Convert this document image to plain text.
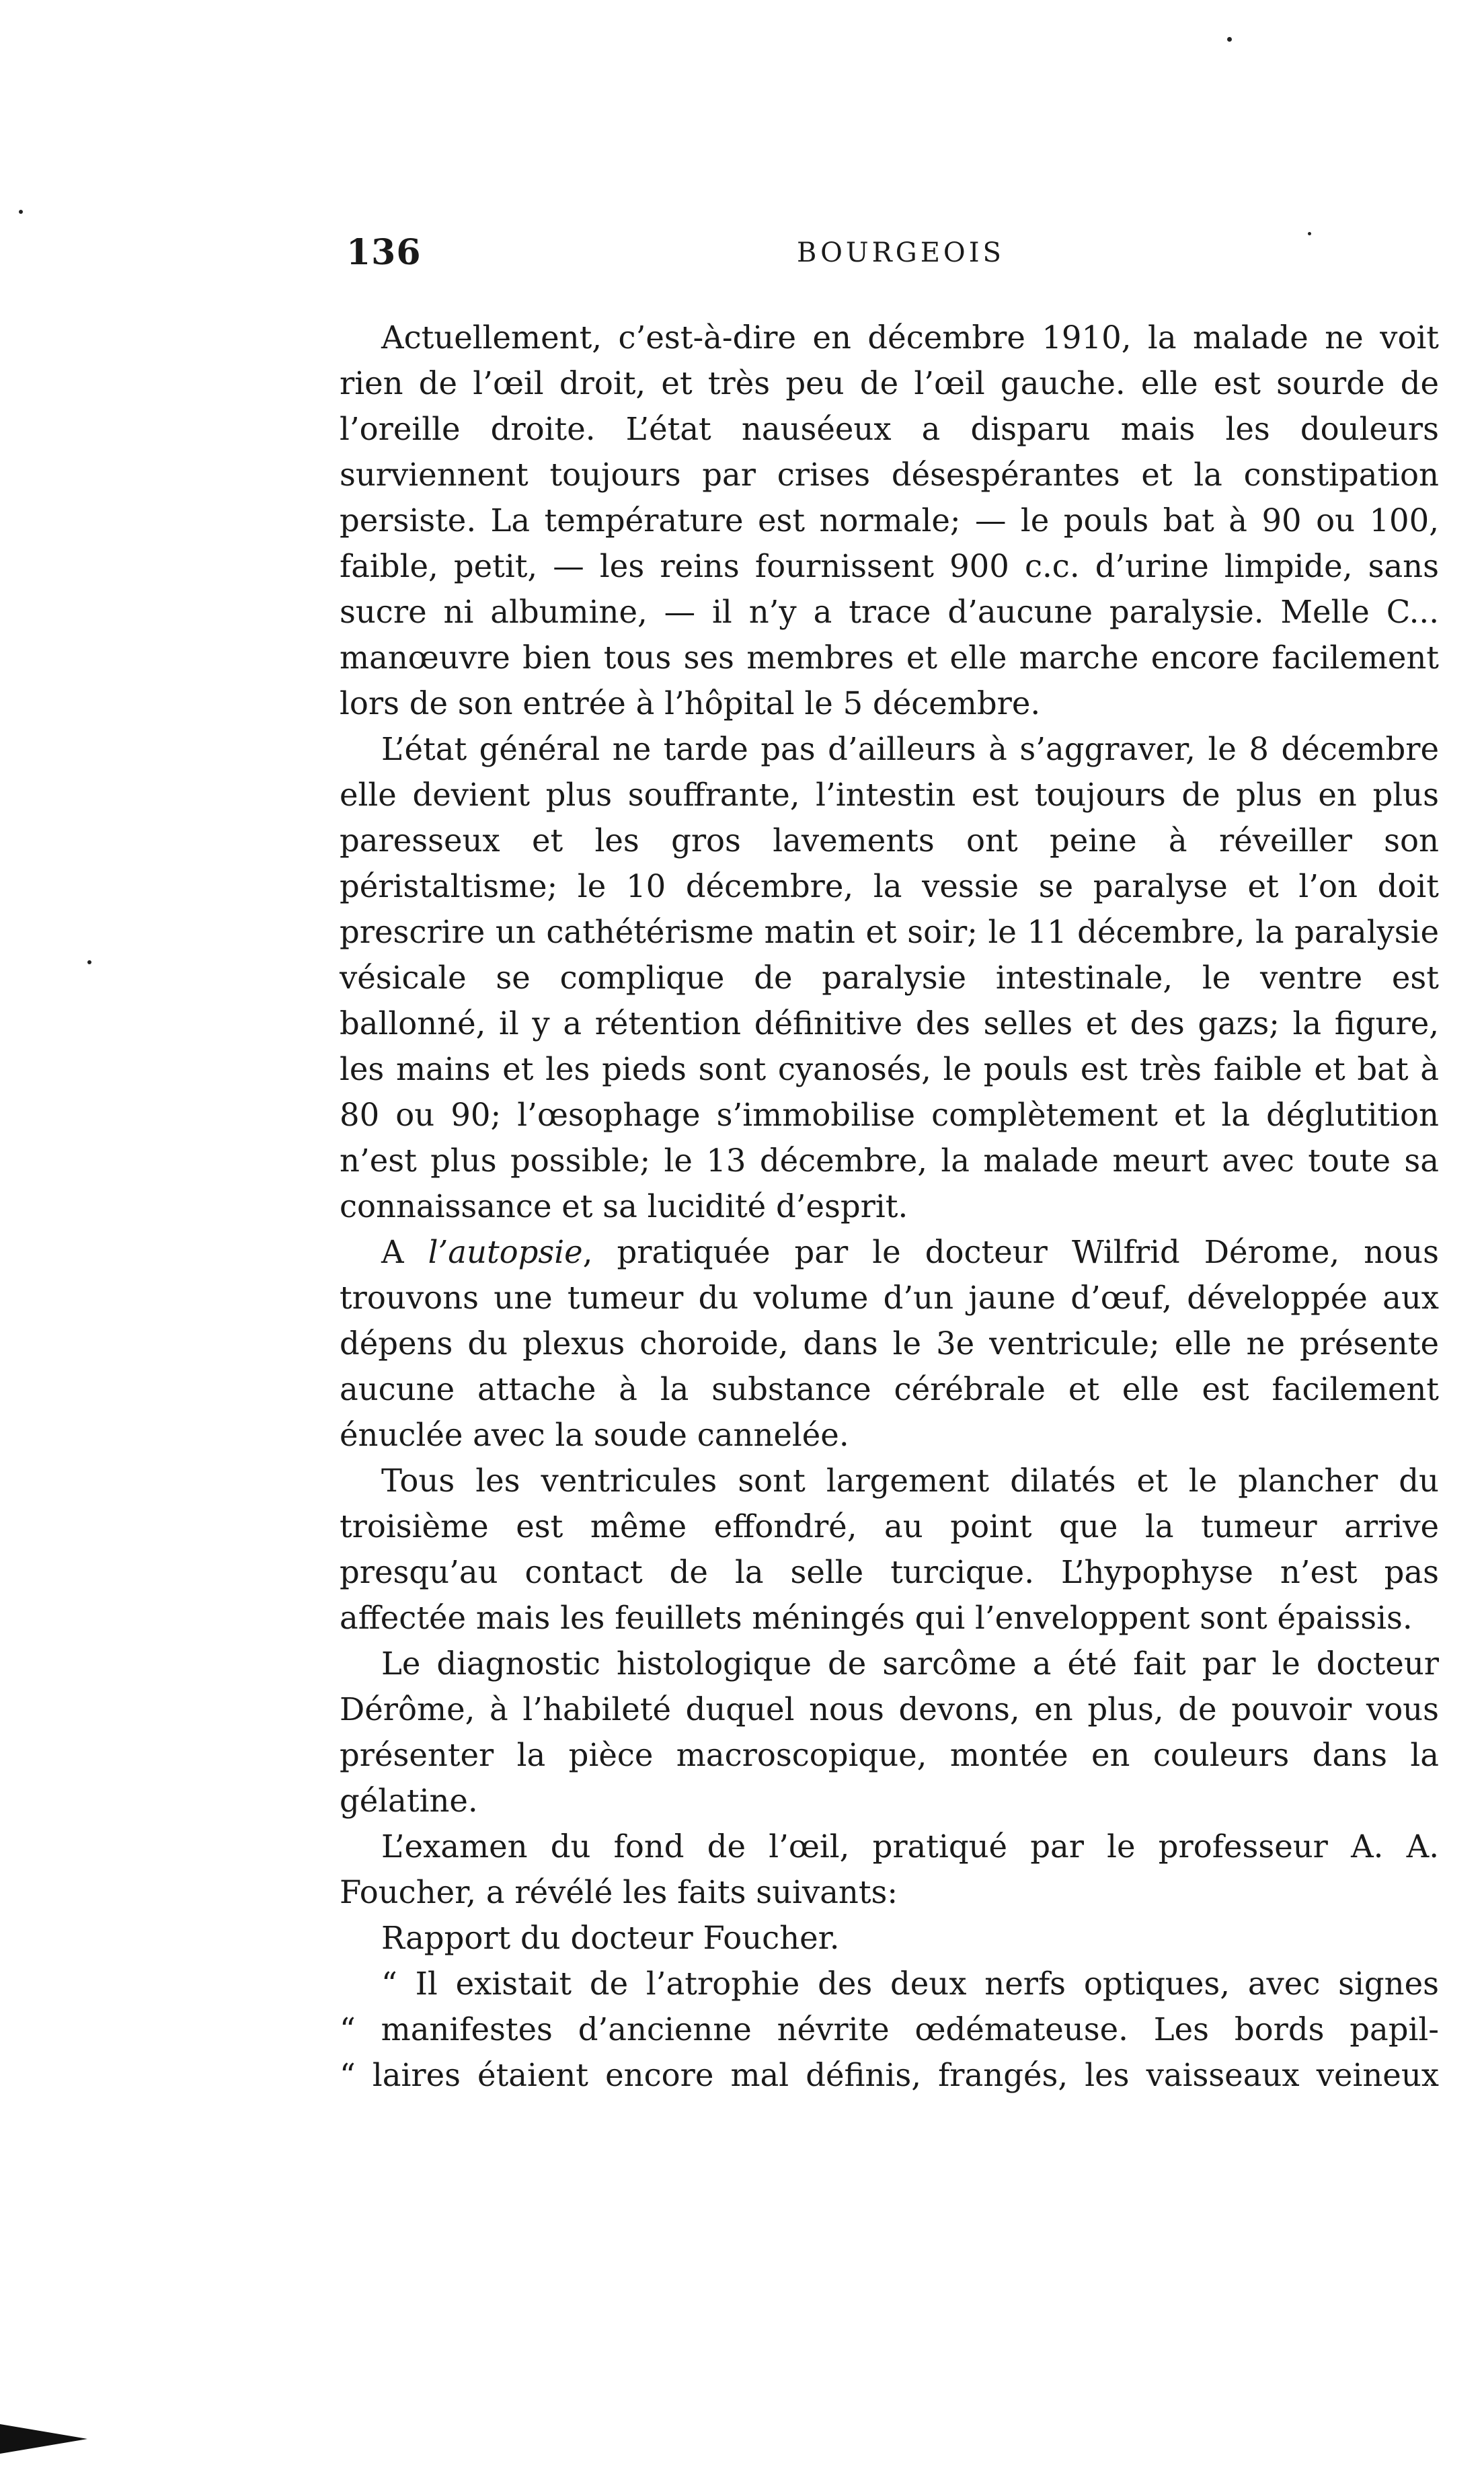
136	BOURGEOIS

Actuellement, c’est-à-dire en décembre 1910, la malade ne voit rien de l’œil droit, et très peu de l’œil gauche. elle est sourde de l’oreille droite. L’état nauséeux a disparu mais les douleurs surviennent toujours par crises désespérantes et la constipation persiste. La température est normale; — le pouls bat à 90 ou 100, faible, petit, — les reins fournissent 900 c.c. d’urine limpide, sans sucre ni albumine, — il n’y a trace d’aucune paralysie. Melle C... manœuvre bien tous ses membres et elle marche encore facilement lors de son entrée à l’hôpital le 5 décembre.

L’état général ne tarde pas d’ailleurs à s’aggraver, le 8 décembre elle devient plus souffrante, l’intestin est toujours de plus en plus paresseux et les gros lavements ont peine à réveiller son péristaltisme; le 10 décembre, la vessie se paralyse et l’on doit prescrire un cathétérisme matin et soir; le 11 décembre, la paralysie vésicale se complique de paralysie intestinale, le ventre est ballonné, il y a rétention définitive des selles et des gazs; la figure, les mains et les pieds sont cyanosés, le pouls est très faible et bat à 80 ou 90; l’œsophage s’immobilise complètement et la déglutition n’est plus possible; le 13 décembre, la malade meurt avec toute sa connaissance et sa lucidité d’esprit.

A l’autopsie, pratiquée par le docteur Wilfrid Dérome, nous trouvons une tumeur du volume d’un jaune d’œuf, développée aux dépens du plexus choroide, dans le 3e ventricule; elle ne présente aucune attache à la substance cérébrale et elle est facilement énuclée avec la soude cannelée.

Tous les ventricules sont largement dilatés et le plancher du troisième est même effondré, au point que la tumeur arrive presqu’au contact de la selle turcique. L’hypophyse n’est pas affectée mais les feuillets méningés qui l’enveloppent sont épaissis.

Le diagnostic histologique de sarcôme a été fait par le docteur Dérôme, à l’habileté duquel nous devons, en plus, de pouvoir vous présenter la pièce macroscopique, montée en couleurs dans la gélatine.

L’examen du fond de l’œil, pratiqué par le professeur A. A. Foucher, a révélé les faits suivants:

Rapport du docteur Foucher.

“ Il existait de l’atrophie des deux nerfs optiques, avec signes

“ manifestes d’ancienne névrite œdémateuse. Les bords papil-

“ laires étaient encore mal définis, frangés, les vaisseaux veineux
